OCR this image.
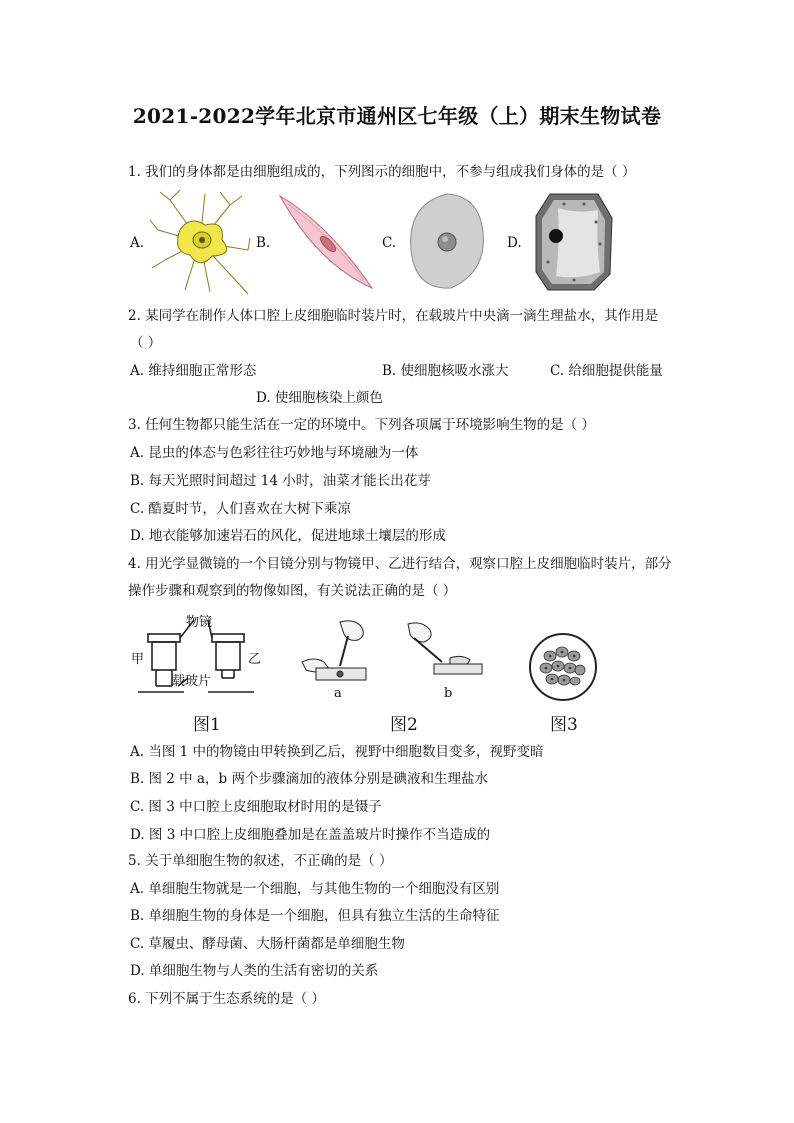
2021-2022学年北京市通州区七年级（上）期末生物试卷
1. 我们的身体都是由细胞组成的，下列图示的细胞中，不参与组成我们身体的是（ ）
A.	B.	C.	D.
2. 某同学在制作人体口腔上皮细胞临时装片时，在载玻片中央滴一滴生理盐水，其作用是
（ ）
A. 维持细胞正常形态	B. 使细胞核吸水涨大	C. 给细胞提供能量
D. 使细胞核染上颜色
3. 任何生物都只能生活在一定的环境中。下列各项属于环境影响生物的是（ ）
A. 昆虫的体态与色彩往往巧妙地与环境融为一体
B. 每天光照时间超过 14 小时，油菜才能长出花芽
C. 酷夏时节，人们喜欢在大树下乘凉
D. 地衣能够加速岩石的风化，促进地球土壤层的形成
4. 用光学显微镜的一个目镜分别与物镜甲、乙进行结合，观察口腔上皮细胞临时装片，部分
操作步骤和观察到的物像如图，有关说法正确的是（ ）
物镜
甲	乙
载玻片
图1
a	b
图2	图3
A. 当图 1 中的物镜由甲转换到乙后，视野中细胞数目变多，视野变暗
B. 图 2 中 a，b 两个步骤滴加的液体分别是碘液和生理盐水
C. 图 3 中口腔上皮细胞取材时用的是镊子
D. 图 3 中口腔上皮细胞叠加是在盖盖玻片时操作不当造成的
5. 关于单细胞生物的叙述，不正确的是（ ）
A. 单细胞生物就是一个细胞，与其他生物的一个细胞没有区别
B. 单细胞生物的身体是一个细胞，但具有独立生活的生命特征
C. 草履虫、酵母菌、大肠杆菌都是单细胞生物
D. 单细胞生物与人类的生活有密切的关系
6. 下列不属于生态系统的是（ ）
